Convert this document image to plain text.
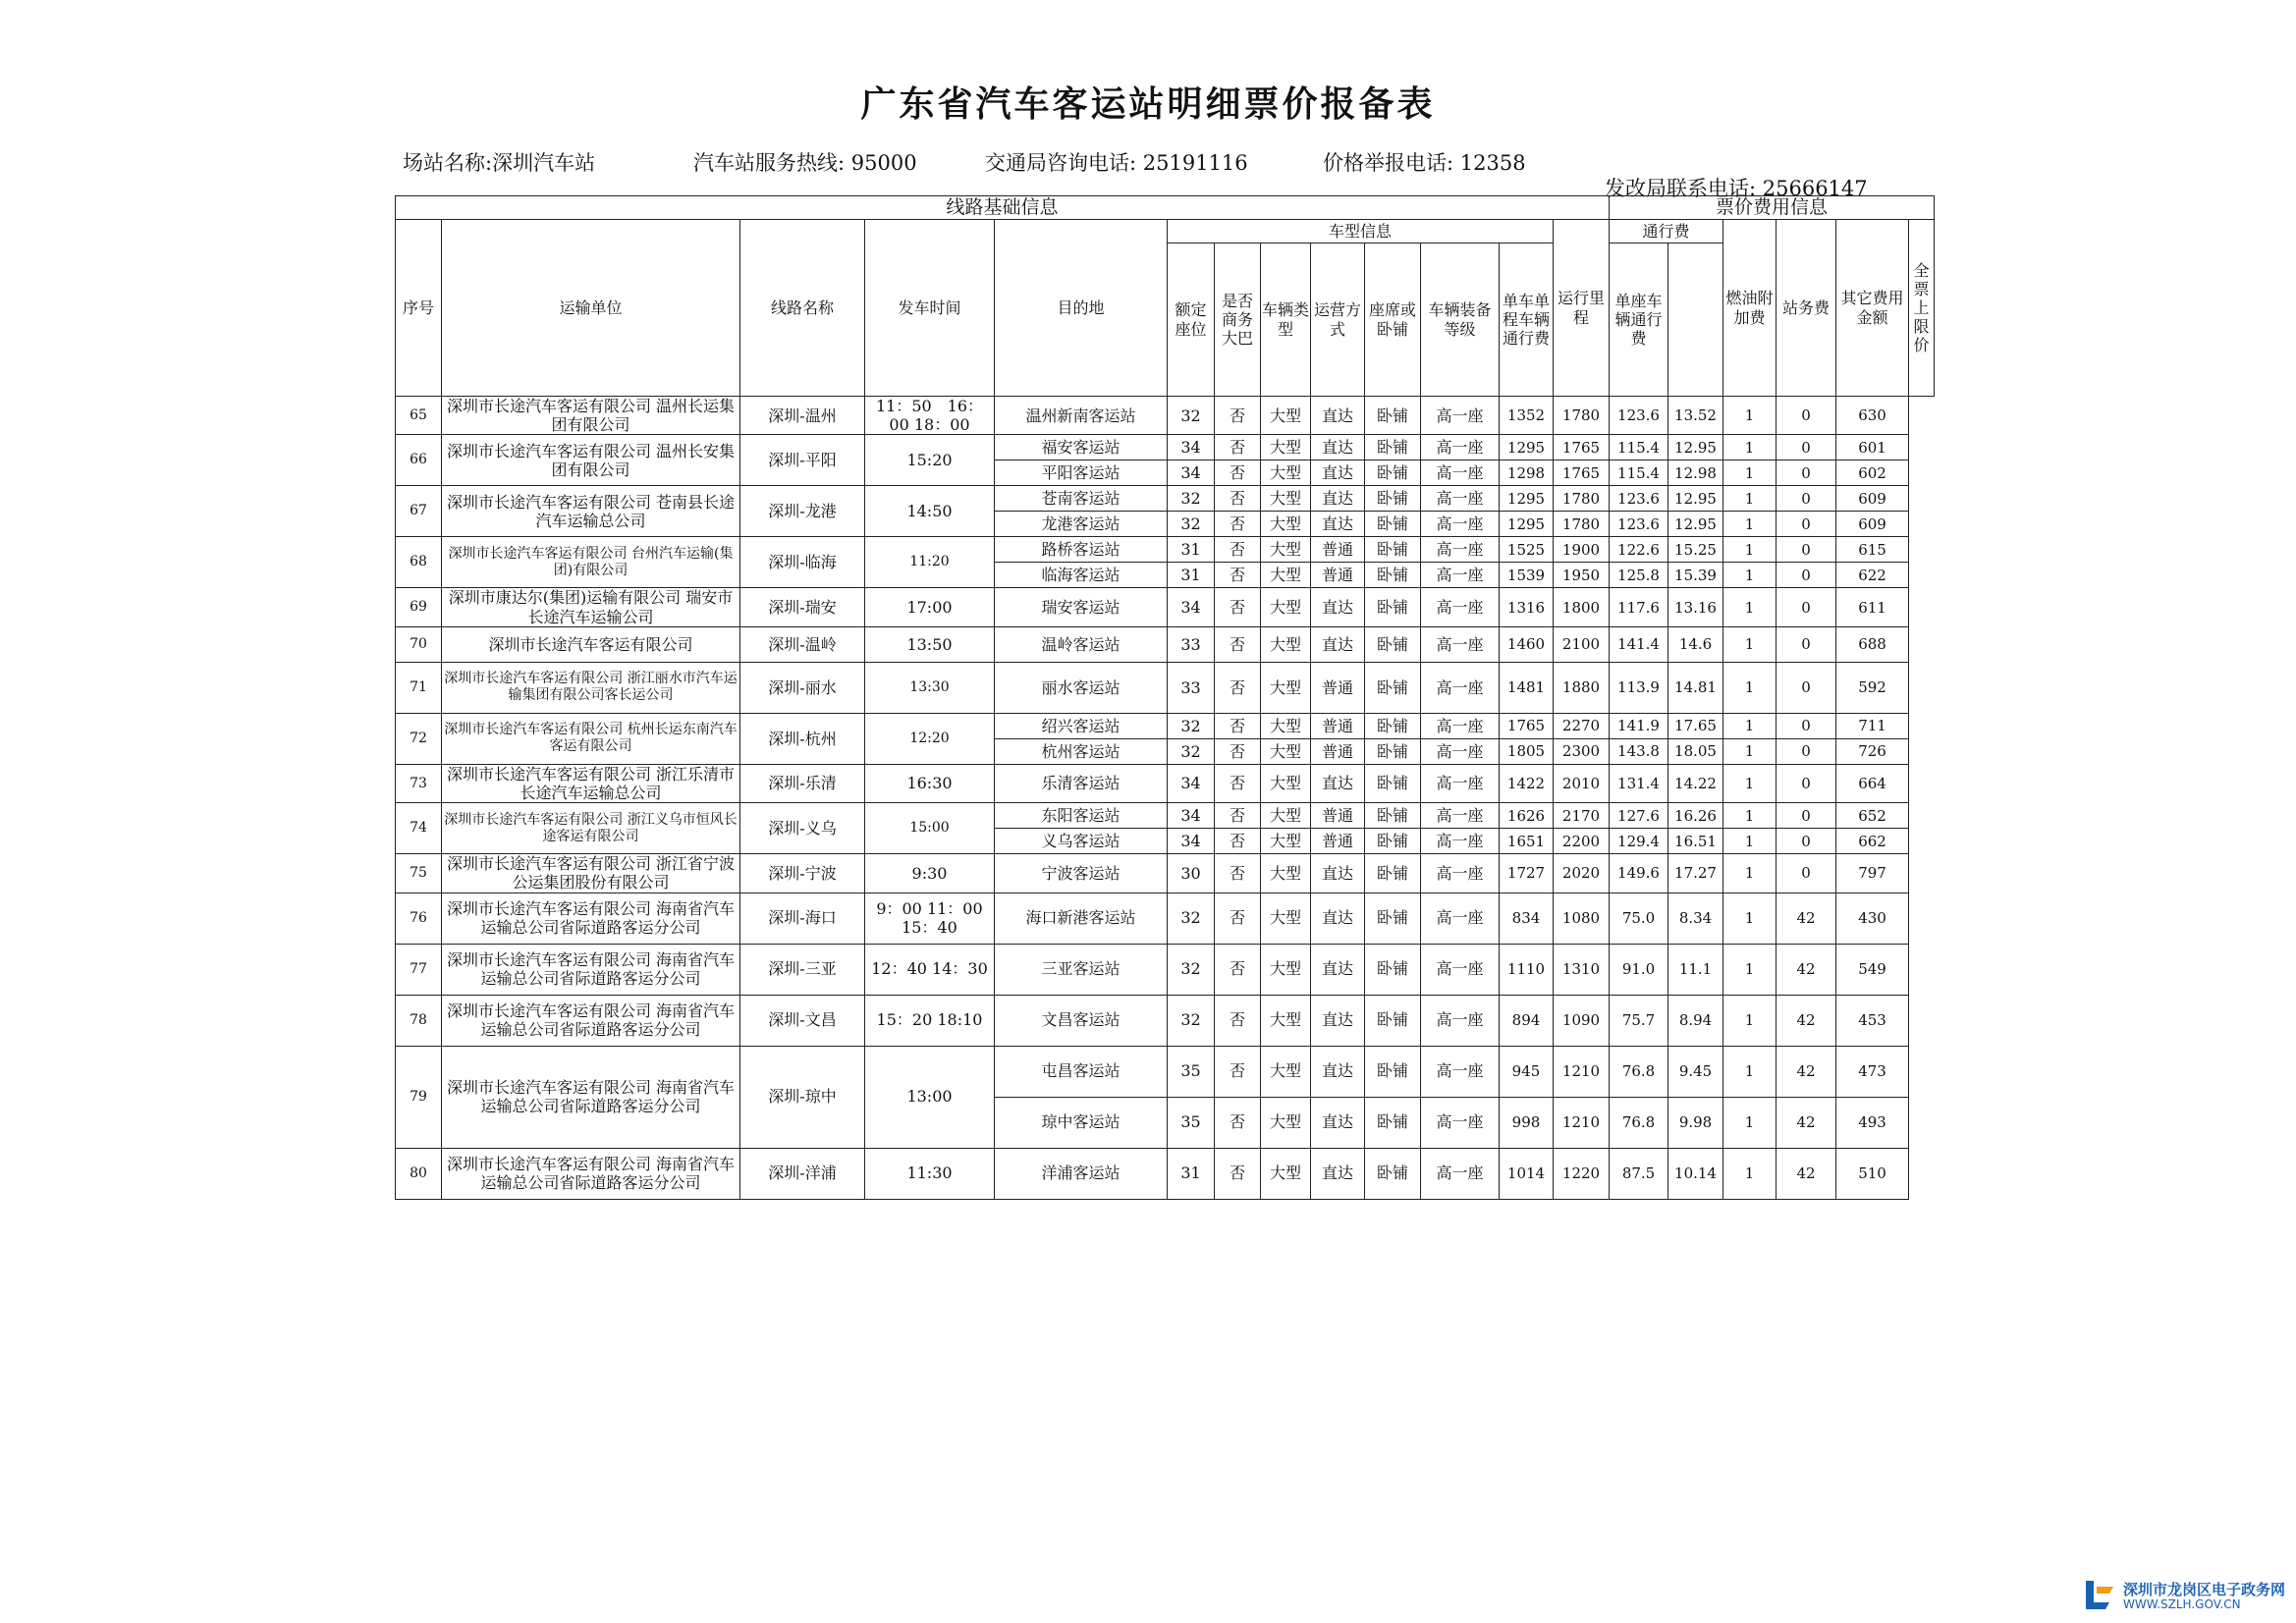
广东省汽车客运站明细票价报备表
场站名称:深圳汽车站	汽车站服务热线: 95000	交通局咨询电话: 25191116	价格举报电话: 12358
发改局联系电话: 25666147
线路基础信息													票价费用信息					
序号	运输单位	线路名称	发车时间	目的地	车型信息							运行里程	通行费		燃油附加费	站务费	其它费用金额	全票上限价
					额定座位	是否商务大巴	车辆类型	运营方式	座席或卧铺	车辆装备等级	单车单程车辆通行费		单座车辆通行费					

65	深圳市长途汽车客运有限公司 温州长运集团有限公司	深圳-温州	11：50　16：00 18：00	温州新南客运站	32	否	大型	直达	卧铺	高一座	1352	1780	123.6	13.52	1	0	630	
66	深圳市长途汽车客运有限公司 温州长安集团有限公司	深圳-平阳	15:20	福安客运站	34	否	大型	直达	卧铺	高一座	1295	1765	115.4	12.95	1	0	601	
				平阳客运站	34	否	大型	直达	卧铺	高一座	1298	1765	115.4	12.98	1	0	602	
67	深圳市长途汽车客运有限公司 苍南县长途汽车运输总公司	深圳-龙港	14:50	苍南客运站	32	否	大型	直达	卧铺	高一座	1295	1780	123.6	12.95	1	0	609	
				龙港客运站	32	否	大型	直达	卧铺	高一座	1295	1780	123.6	12.95	1	0	609	
68	深圳市长途汽车客运有限公司 台州汽车运输(集团)有限公司	深圳-临海	11:20	路桥客运站	31	否	大型	普通	卧铺	高一座	1525	1900	122.6	15.25	1	0	615	
				临海客运站	31	否	大型	普通	卧铺	高一座	1539	1950	125.8	15.39	1	0	622	
69	深圳市康达尔(集团)运输有限公司 瑞安市长途汽车运输公司	深圳-瑞安	17:00	瑞安客运站	34	否	大型	直达	卧铺	高一座	1316	1800	117.6	13.16	1	0	611	
70	深圳市长途汽车客运有限公司	深圳-温岭	13:50	温岭客运站	33	否	大型	直达	卧铺	高一座	1460	2100	141.4	14.6	1	0	688	
71	深圳市长途汽车客运有限公司 浙江丽水市汽车运输集团有限公司客长运公司	深圳-丽水	13:30	丽水客运站	33	否	大型	普通	卧铺	高一座	1481	1880	113.9	14.81	1	0	592	
72	深圳市长途汽车客运有限公司 杭州长运东南汽车客运有限公司	深圳-杭州	12:20	绍兴客运站	32	否	大型	普通	卧铺	高一座	1765	2270	141.9	17.65	1	0	711	
				杭州客运站	32	否	大型	普通	卧铺	高一座	1805	2300	143.8	18.05	1	0	726	
73	深圳市长途汽车客运有限公司 浙江乐清市长途汽车运输总公司	深圳-乐清	16:30	乐清客运站	34	否	大型	直达	卧铺	高一座	1422	2010	131.4	14.22	1	0	664	
74	深圳市长途汽车客运有限公司 浙江义乌市恒风长途客运有限公司	深圳-义乌	15:00	东阳客运站	34	否	大型	普通	卧铺	高一座	1626	2170	127.6	16.26	1	0	652	
				义乌客运站	34	否	大型	普通	卧铺	高一座	1651	2200	129.4	16.51	1	0	662	
75	深圳市长途汽车客运有限公司 浙江省宁波公运集团股份有限公司	深圳-宁波	9:30	宁波客运站	30	否	大型	直达	卧铺	高一座	1727	2020	149.6	17.27	1	0	797	
76	深圳市长途汽车客运有限公司 海南省汽车运输总公司省际道路客运分公司	深圳-海口	9：00 11：00 15：40	海口新港客运站	32	否	大型	直达	卧铺	高一座	834	1080	75.0	8.34	1	42	430	
77	深圳市长途汽车客运有限公司 海南省汽车运输总公司省际道路客运分公司	深圳-三亚	12：40 14：30	三亚客运站	32	否	大型	直达	卧铺	高一座	1110	1310	91.0	11.1	1	42	549	
78	深圳市长途汽车客运有限公司 海南省汽车运输总公司省际道路客运分公司	深圳-文昌	15：20 18:10	文昌客运站	32	否	大型	直达	卧铺	高一座	894	1090	75.7	8.94	1	42	453	
79	深圳市长途汽车客运有限公司 海南省汽车运输总公司省际道路客运分公司	深圳-琼中	13:00	屯昌客运站	35	否	大型	直达	卧铺	高一座	945	1210	76.8	9.45	1	42	473	
				琼中客运站	35	否	大型	直达	卧铺	高一座	998	1210	76.8	9.98	1	42	493	
80	深圳市长途汽车客运有限公司 海南省汽车运输总公司省际道路客运分公司	深圳-洋浦	11:30	洋浦客运站	31	否	大型	直达	卧铺	高一座	1014	1220	87.5	10.14	1	42	510	
深圳市龙岗区电子政务网
WWW.SZLH.GOV.CN
